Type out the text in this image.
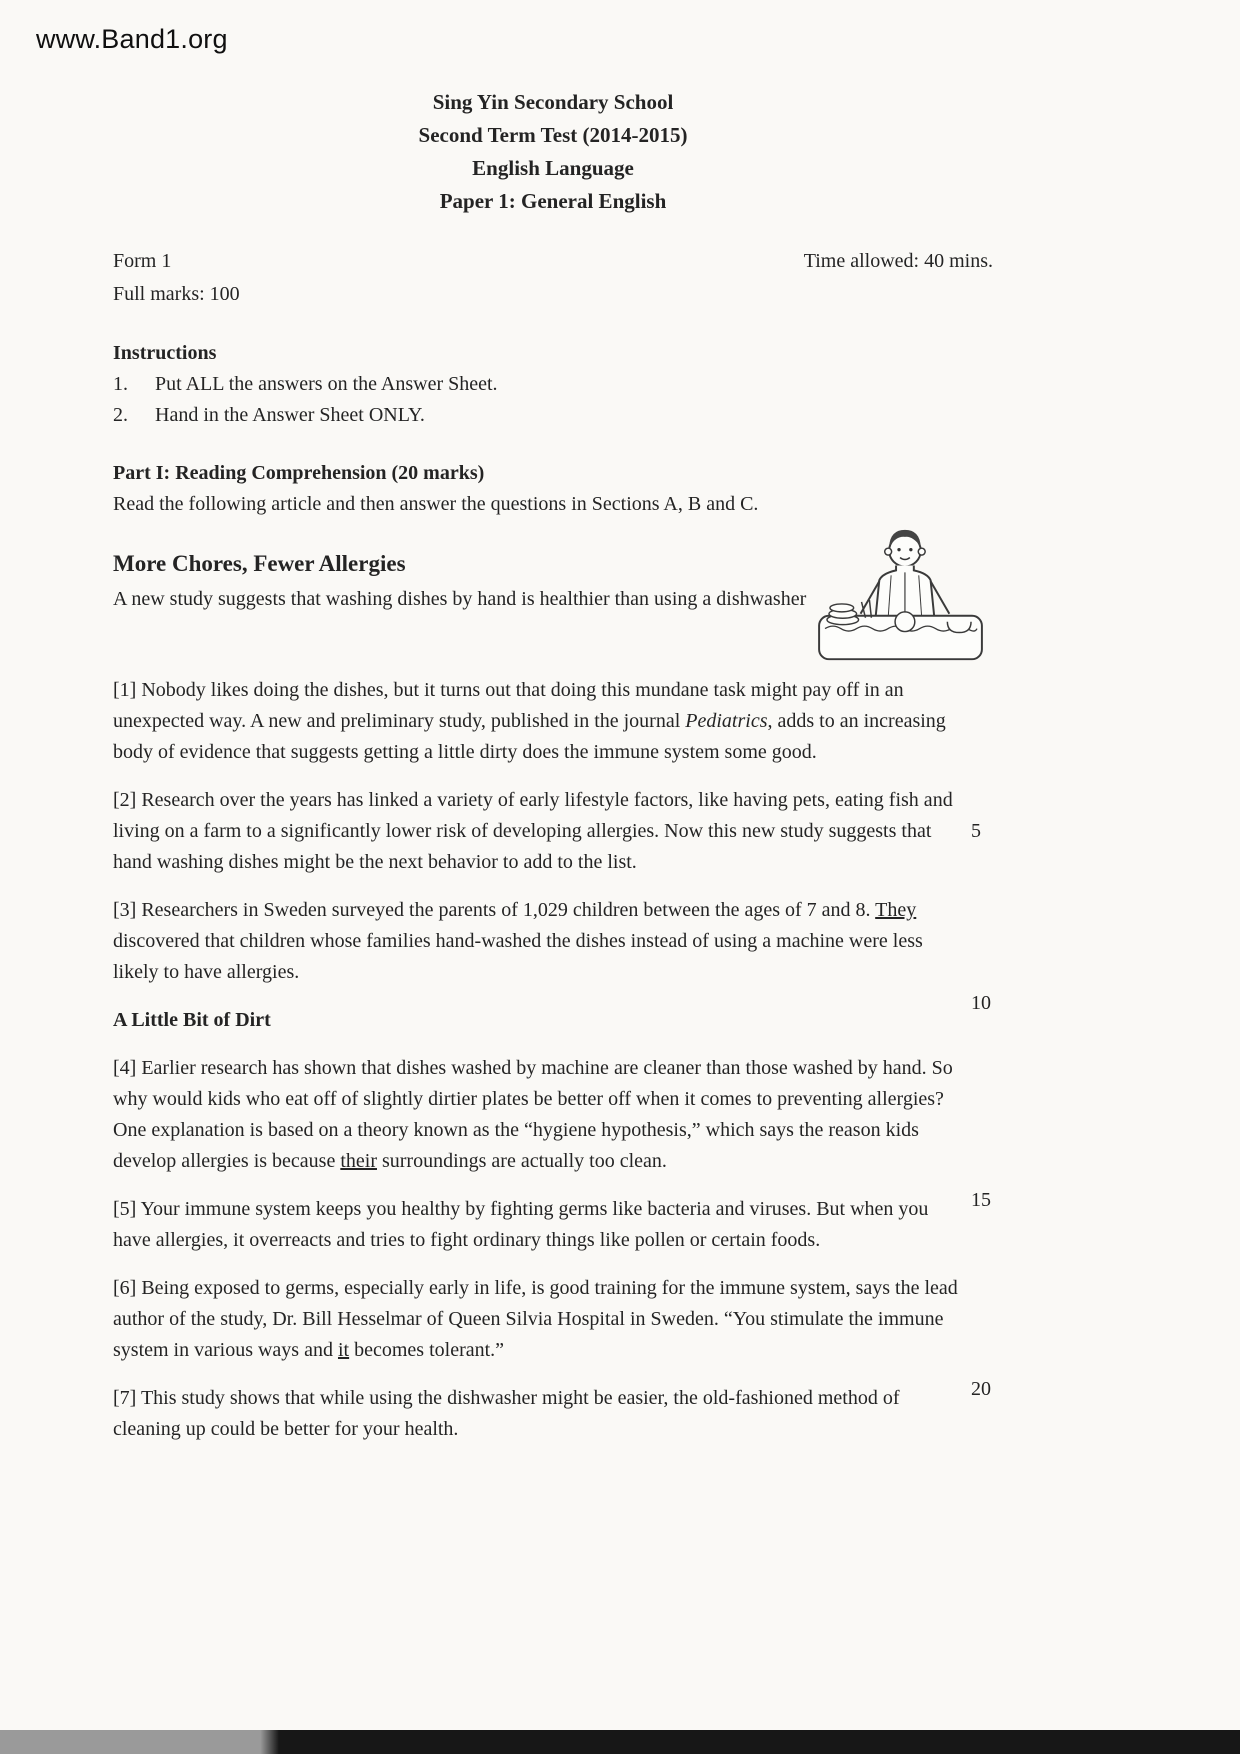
www.Band1.org
Sing Yin Secondary School
Second Term Test (2014-2015)
English Language
Paper 1: General English
Form 1	Time allowed: 40 mins.
Full marks: 100
Instructions
1.	Put ALL the answers on the Answer Sheet.
2.	Hand in the Answer Sheet ONLY.
Part I: Reading Comprehension (20 marks)
Read the following article and then answer the questions in Sections A, B and C.
More Chores, Fewer Allergies
A new study suggests that washing dishes by hand is healthier than using a dishwasher

[1] Nobody likes doing the dishes, but it turns out that doing this mundane task might pay off in an unexpected way. A new and preliminary study, published in the journal Pediatrics, adds to an increasing body of evidence that suggests getting a little dirty does the immune system some good.

[2] Research over the years has linked a variety of early lifestyle factors, like having pets, eating fish and living on a farm to a significantly lower risk of developing allergies. Now this new study suggests that hand washing dishes might be the next behavior to add to the list.

[3] Researchers in Sweden surveyed the parents of 1,029 children between the ages of 7 and 8. They discovered that children whose families hand-washed the dishes instead of using a machine were less likely to have allergies.

A Little Bit of Dirt

[4] Earlier research has shown that dishes washed by machine are cleaner than those washed by hand. So why would kids who eat off of slightly dirtier plates be better off when it comes to preventing allergies? One explanation is based on a theory known as the “hygiene hypothesis,” which says the reason kids develop allergies is because their surroundings are actually too clean.

[5] Your immune system keeps you healthy by fighting germs like bacteria and viruses. But when you have allergies, it overreacts and tries to fight ordinary things like pollen or certain foods.

[6] Being exposed to germs, especially early in life, is good training for the immune system, says the lead author of the study, Dr. Bill Hesselmar of Queen Silvia Hospital in Sweden. “You stimulate the immune system in various ways and it becomes tolerant.”

[7] This study shows that while using the dishwasher might be easier, the old-fashioned method of cleaning up could be better for your health.

5
10
15
20
